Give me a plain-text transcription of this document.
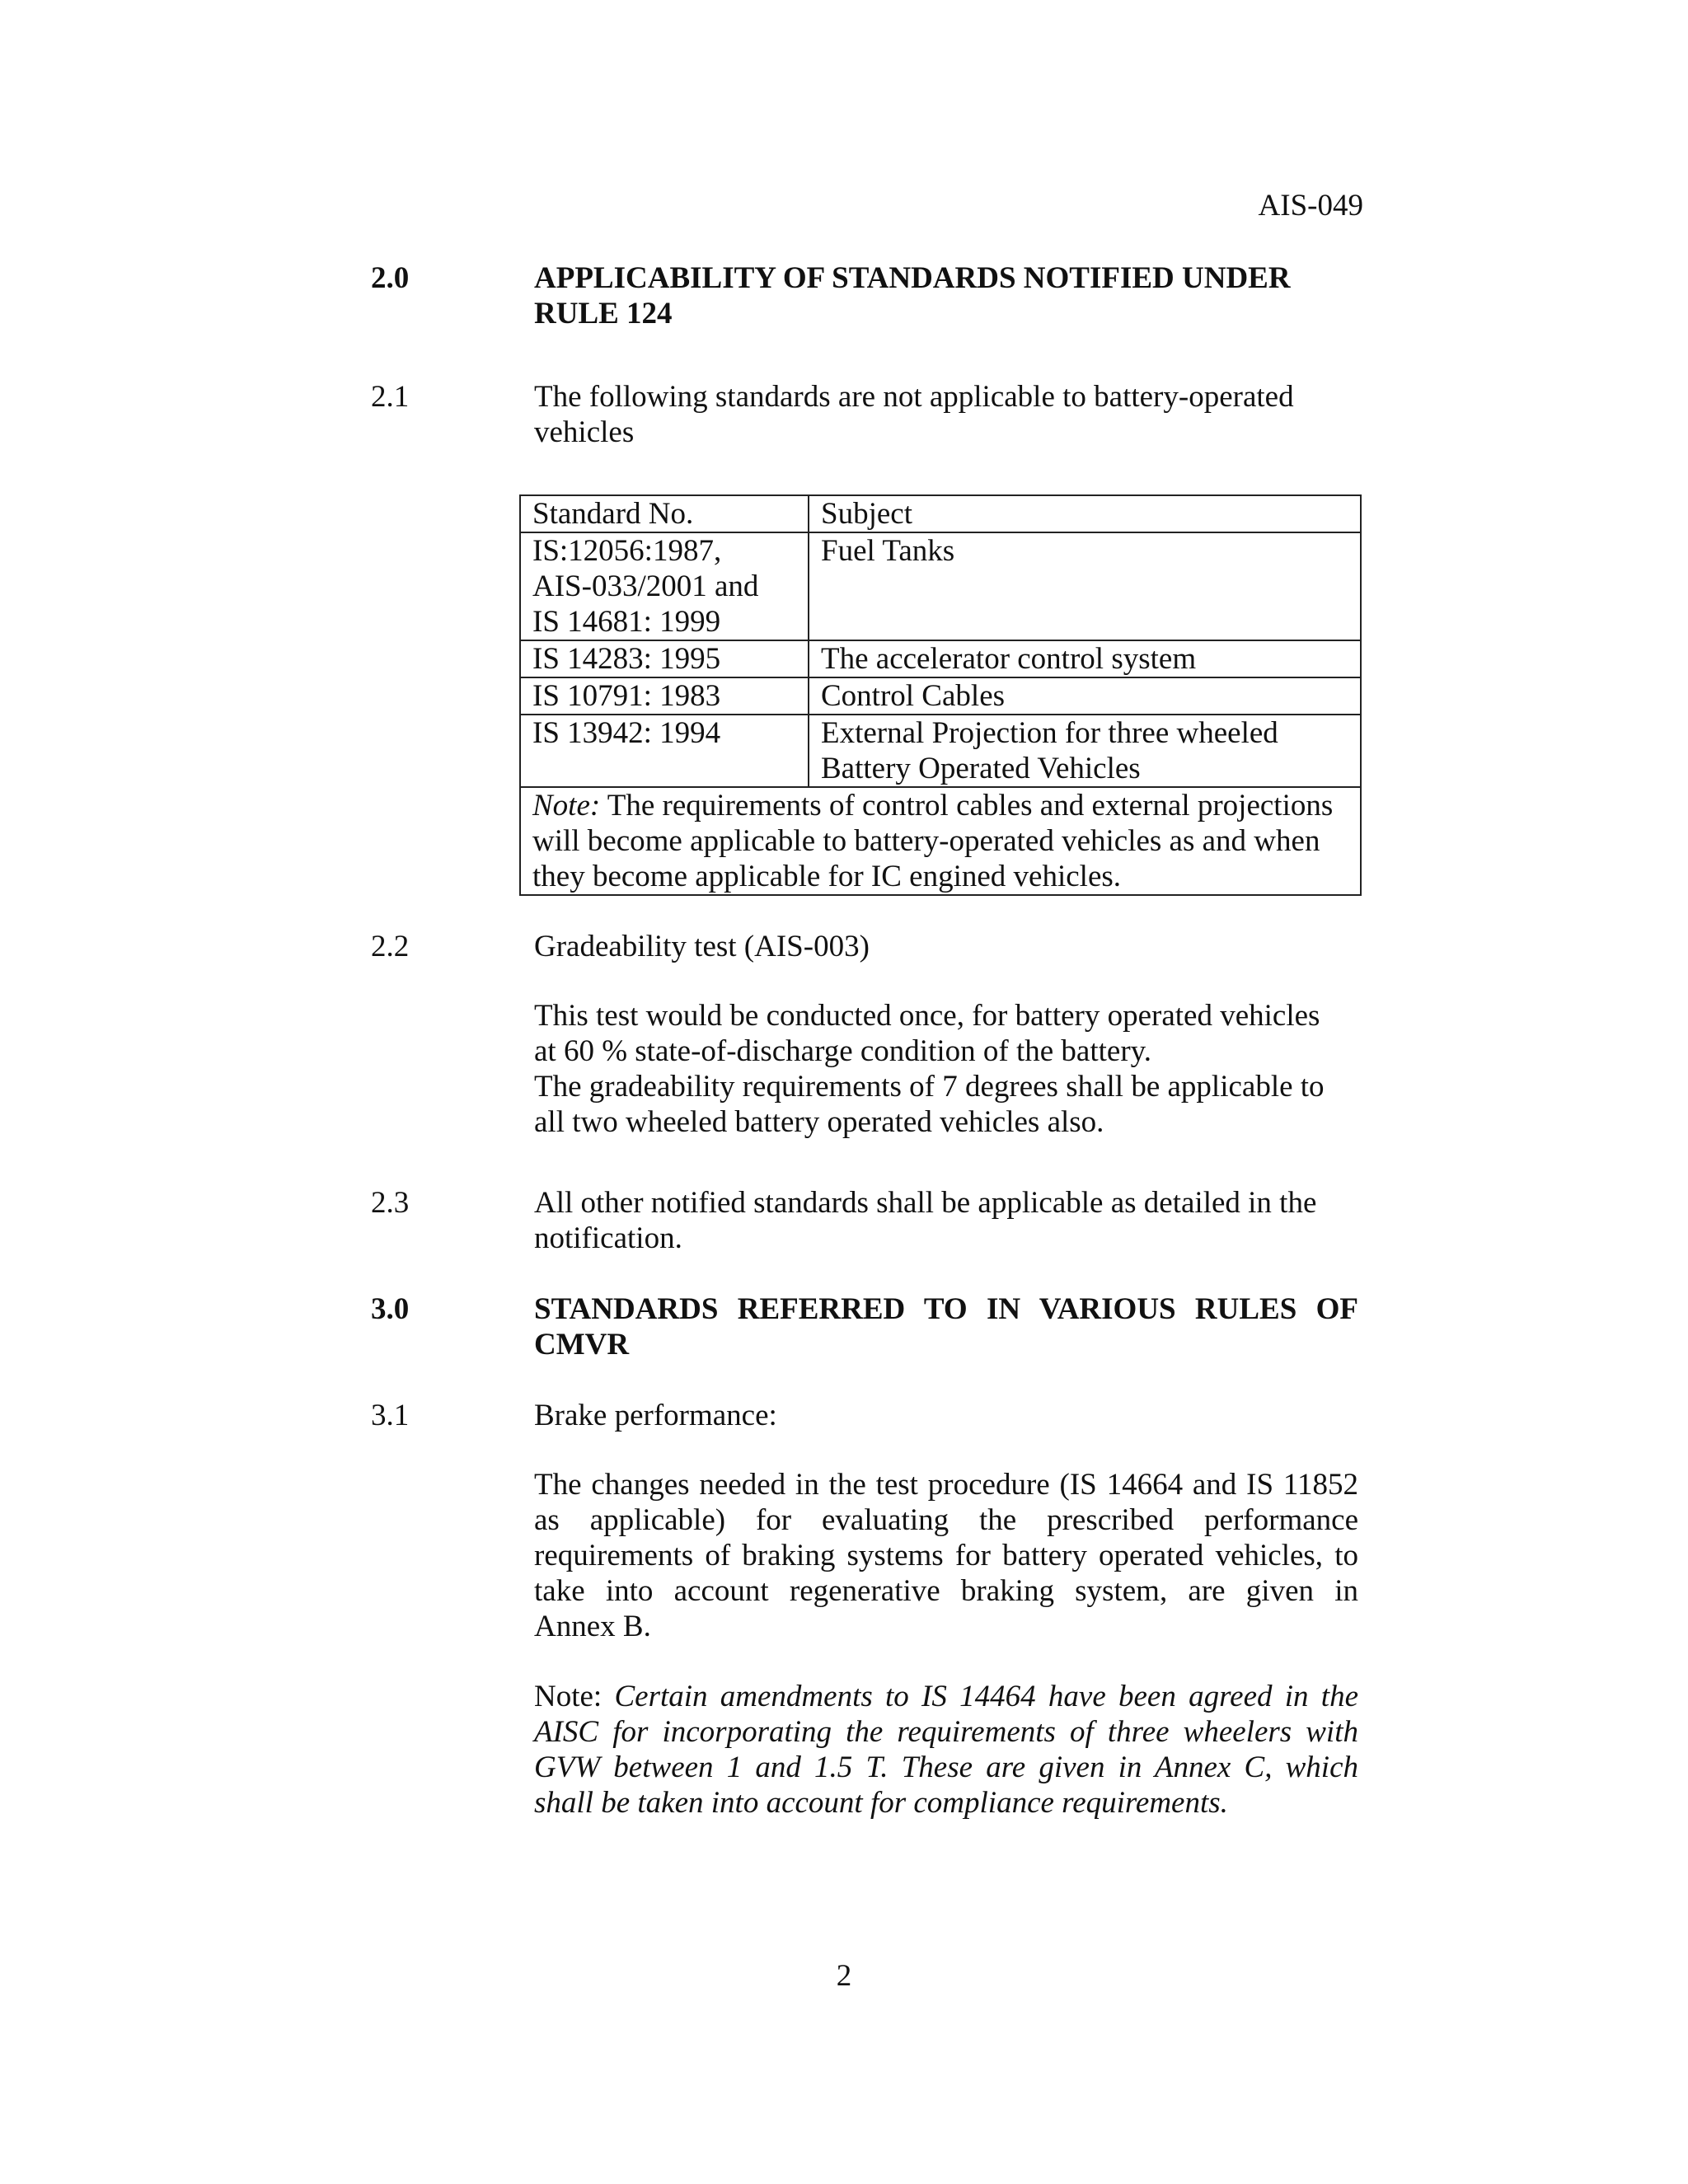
AIS-049
2.0	APPLICABILITY OF STANDARDS NOTIFIED UNDER
RULE 124
2.1	The following standards are not applicable to battery-operated
vehicles
Standard No.	Subject

IS:12056:1987,
AIS-033/2001 and
IS 14681: 1999	Fuel Tanks

IS 14283: 1995	The accelerator control system

IS 10791: 1983	Control Cables

IS 13942: 1994	External Projection for three wheeled
Battery Operated Vehicles

Note: The requirements of control cables and external projections
will become applicable to battery-operated vehicles as and when
they become applicable for IC engined vehicles.	
2.2	Gradeability test (AIS-003)
This test would be conducted once, for battery operated vehicles
at 60 % state-of-discharge condition of the battery.
The gradeability requirements of 7 degrees shall be applicable to
all two wheeled battery operated vehicles also.
2.3	All other notified standards shall be applicable as detailed in the
notification.
3.0	STANDARDS REFERRED TO IN VARIOUS RULES OF
CMVR
3.1	Brake performance:
The changes needed in the test procedure (IS 14664 and IS 11852
as applicable) for evaluating the prescribed performance
requirements of braking systems for battery operated vehicles, to
take into account regenerative braking system, are given in
Annex B.
Note: Certain amendments to IS 14464 have been agreed in the
AISC for incorporating the requirements of three wheelers with
GVW between 1 and 1.5 T. These are given in Annex C, which
shall be taken into account for compliance requirements.
2
